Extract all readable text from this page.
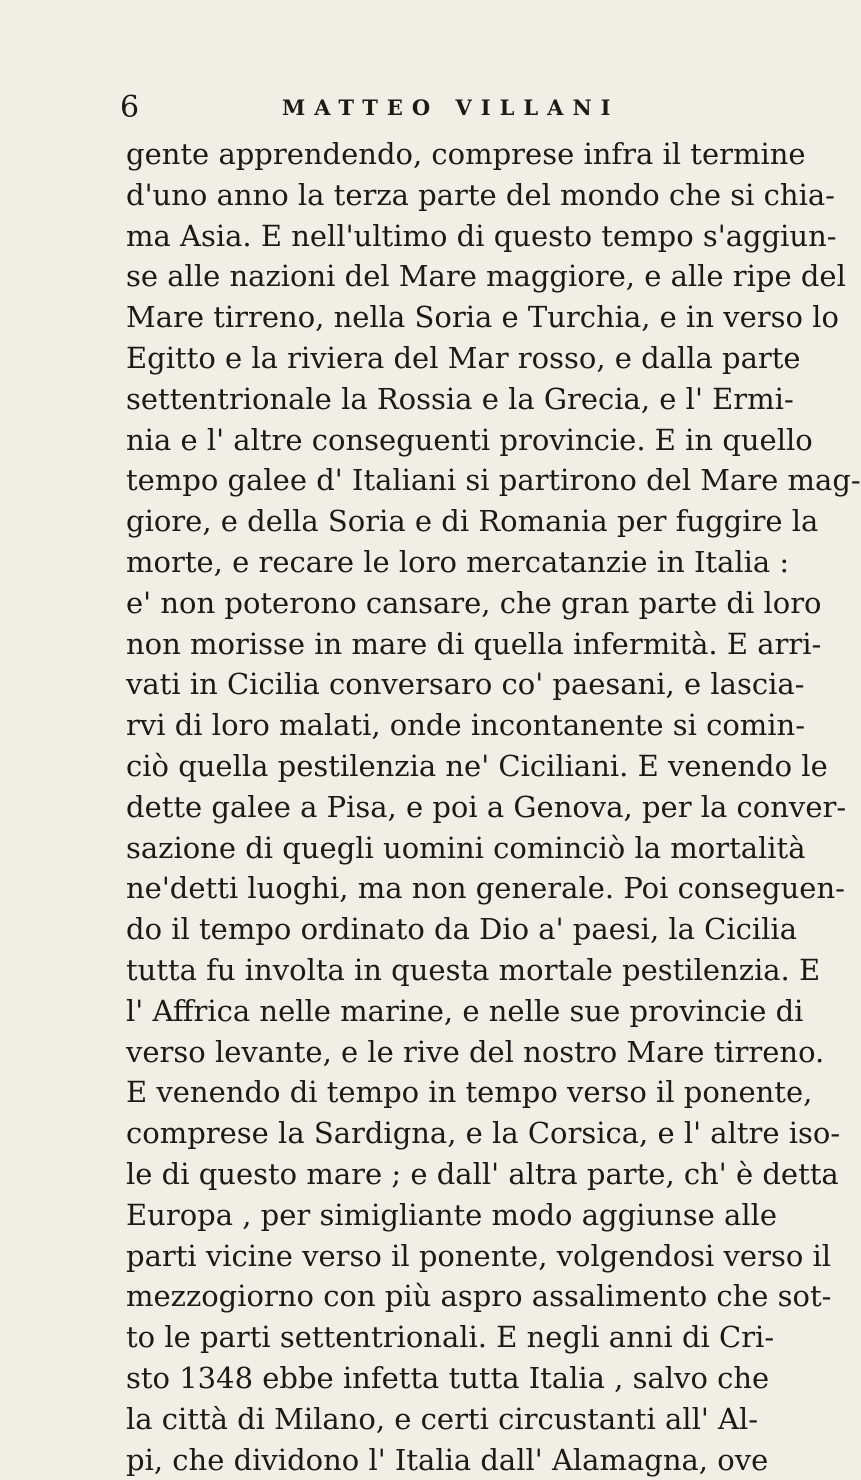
6	MATTEO VILLANI
gente apprendendo, comprese infra il termine
d'uno anno la terza parte del mondo che si chia-
ma Asia. E nell'ultimo di questo tempo s'aggiun-
se alle nazioni del Mare maggiore, e alle ripe del
Mare tirreno, nella Soria e Turchia, e in verso lo
Egitto e la riviera del Mar rosso, e dalla parte
settentrionale la Rossia e la Grecia, e l' Ermi-
nia e l' altre conseguenti provincie. E in quello
tempo galee d' Italiani si partirono del Mare mag-
giore, e della Soria e di Romania per fuggire la
morte, e recare le loro mercatanzie in Italia :
e' non poterono cansare, che gran parte di loro
non morisse in mare di quella infermità. E arri-
vati in Cicilia conversaro co' paesani, e lascia-
rvi di loro malati, onde incontanente si comin-
ciò quella pestilenzia ne' Ciciliani. E venendo le
dette galee a Pisa, e poi a Genova, per la conver-
sazione di quegli uomini cominciò la mortalità
ne'detti luoghi, ma non generale. Poi conseguen-
do il tempo ordinato da Dio a' paesi, la Cicilia
tutta fu involta in questa mortale pestilenzia. E
l' Affrica nelle marine, e nelle sue provincie di
verso levante, e le rive del nostro Mare tirreno.
E venendo di tempo in tempo verso il ponente,
comprese la Sardigna, e la Corsica, e l' altre iso-
le di questo mare ; e dall' altra parte, ch' è detta
Europa , per simigliante modo aggiunse alle
parti vicine verso il ponente, volgendosi verso il
mezzogiorno con più aspro assalimento che sot-
to le parti settentrionali. E negli anni di Cri-
sto 1348 ebbe infetta tutta Italia , salvo che
la città di Milano, e certi circustanti all' Al-
pi, che dividono l' Italia dall' Alamagna, ove
